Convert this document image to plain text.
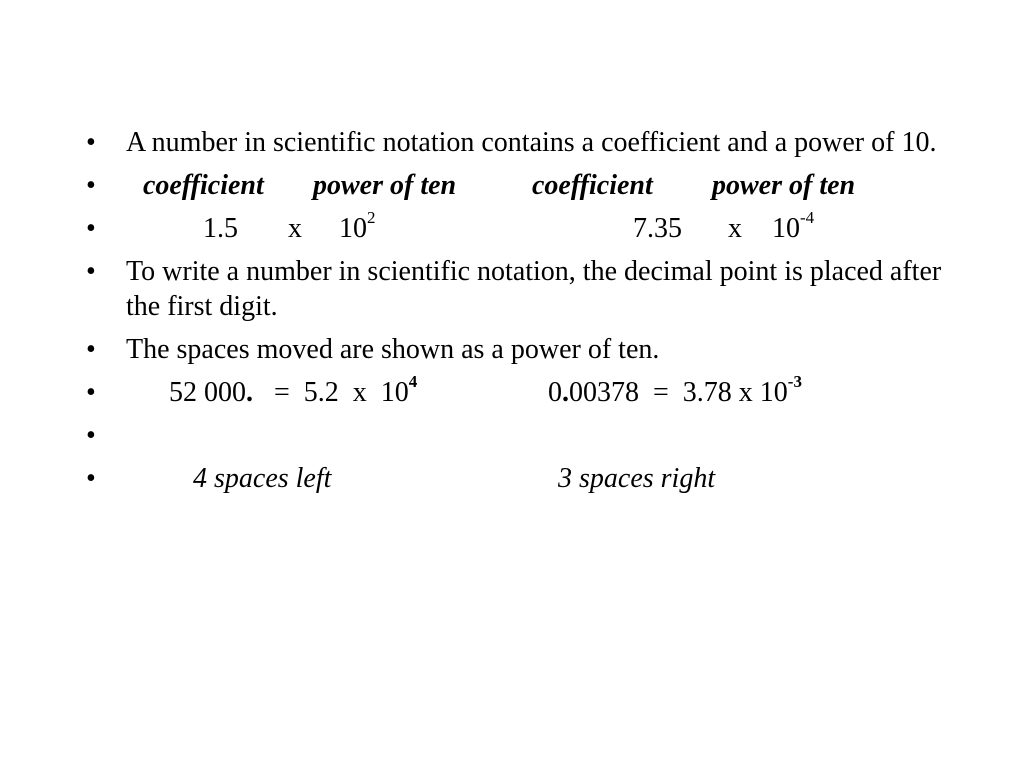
• A number in scientific notation contains a coefficient and a power of 10.
• coefficient power of ten	coefficient power of ten
•	1.5 x $10^2$	7.35 x $10^{-4}$
• To write a number in scientific notation, the decimal point is placed after the first digit.
• The spaces moved are shown as a power of ten.
•	52 000. =  5.2  x  $10^4$	0.00378  =  3.78 x $10^{-3}$
•
•	4 spaces left	3 spaces right
